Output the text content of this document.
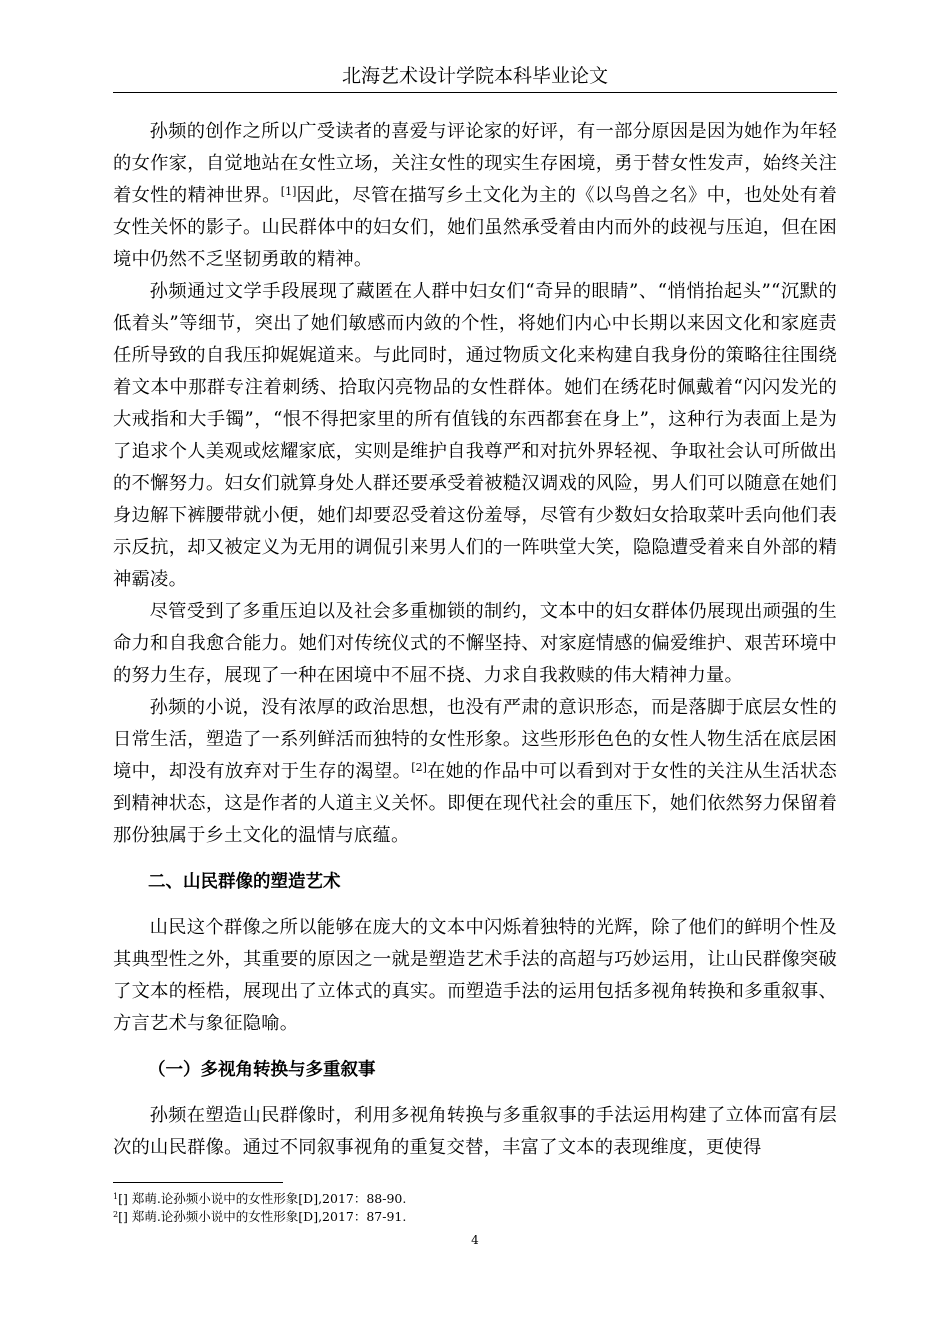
北海艺术设计学院本科毕业论文

孙频的创作之所以广受读者的喜爱与评论家的好评，有一部分原因是因为她作为年轻的女作家，自觉地站在女性立场，关注女性的现实生存困境，勇于替女性发声，始终关注着女性的精神世界。[1]因此，尽管在描写乡土文化为主的《以鸟兽之名》中，也处处有着女性关怀的影子。山民群体中的妇女们，她们虽然承受着由内而外的歧视与压迫，但在困境中仍然不乏坚韧勇敢的精神。

孙频通过文学手段展现了藏匿在人群中妇女们“奇异的眼睛”、“悄悄抬起头”“沉默的低着头”等细节，突出了她们敏感而内敛的个性，将她们内心中长期以来因文化和家庭责任所导致的自我压抑娓娓道来。与此同时，通过物质文化来构建自我身份的策略往往围绕着文本中那群专注着刺绣、拾取闪亮物品的女性群体。她们在绣花时佩戴着“闪闪发光的大戒指和大手镯”，“恨不得把家里的所有值钱的东西都套在身上”，这种行为表面上是为了追求个人美观或炫耀家底，实则是维护自我尊严和对抗外界轻视、争取社会认可所做出的不懈努力。妇女们就算身处人群还要承受着被糙汉调戏的风险，男人们可以随意在她们身边解下裤腰带就小便，她们却要忍受着这份羞辱，尽管有少数妇女拾取菜叶丢向他们表示反抗，却又被定义为无用的调侃引来男人们的一阵哄堂大笑，隐隐遭受着来自外部的精神霸凌。

尽管受到了多重压迫以及社会多重枷锁的制约，文本中的妇女群体仍展现出顽强的生命力和自我愈合能力。她们对传统仪式的不懈坚持、对家庭情感的偏爱维护、艰苦环境中的努力生存，展现了一种在困境中不屈不挠、力求自我救赎的伟大精神力量。

孙频的小说，没有浓厚的政治思想，也没有严肃的意识形态，而是落脚于底层女性的日常生活，塑造了一系列鲜活而独特的女性形象。这些形形色色的女性人物生活在底层困境中，却没有放弃对于生存的渴望。[2]在她的作品中可以看到对于女性的关注从生活状态到精神状态，这是作者的人道主义关怀。即便在现代社会的重压下，她们依然努力保留着那份独属于乡土文化的温情与底蕴。

二、山民群像的塑造艺术

山民这个群像之所以能够在庞大的文本中闪烁着独特的光辉，除了他们的鲜明个性及其典型性之外，其重要的原因之一就是塑造艺术手法的高超与巧妙运用，让山民群像突破了文本的桎梏，展现出了立体式的真实。而塑造手法的运用包括多视角转换和多重叙事、方言艺术与象征隐喻。

（一）多视角转换与多重叙事

孙频在塑造山民群像时，利用多视角转换与多重叙事的手法运用构建了立体而富有层次的山民群像。通过不同叙事视角的重复交替，丰富了文本的表现维度，更使得

$^1$[] 郑萌.论孙频小说中的女性形象[D],2017：88-90.

$^2$[] 郑萌.论孙频小说中的女性形象[D],2017：87-91.

4
